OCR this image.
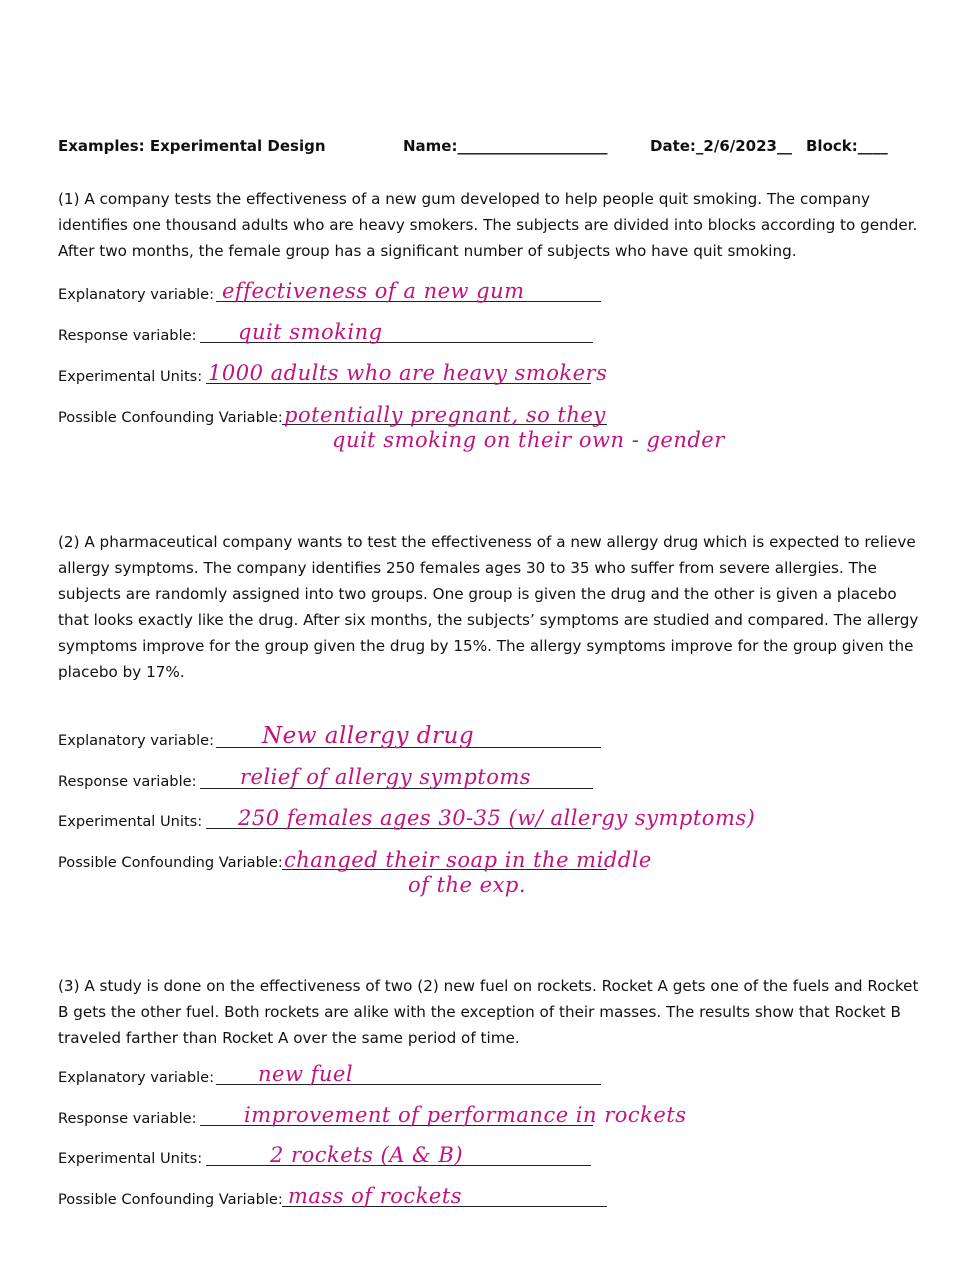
Examples: Experimental Design	Name:____________________	Date:_2/6/2023__ Block:____
(1) A company tests the effectiveness of a new gum developed to help people quit smoking. The company identifies one thousand adults who are heavy smokers. The subjects are divided into blocks according to gender. After two months, the female group has a significant number of subjects who have quit smoking.
Explanatory variable:
Response variable:
Experimental Units:
Possible Confounding Variable:
effectiveness of a new gum
quit smoking
1000 adults who are heavy smokers
potentially pregnant, so they
quit smoking on their own - gender
(2) A pharmaceutical company wants to test the effectiveness of a new allergy drug which is expected to relieve allergy symptoms. The company identifies 250 females ages 30 to 35 who suffer from severe allergies. The subjects are randomly assigned into two groups. One group is given the drug and the other is given a placebo that looks exactly like the drug. After six months, the subjects’ symptoms are studied and compared. The allergy symptoms improve for the group given the drug by 15%. The allergy symptoms improve for the group given the placebo by 17%.
Explanatory variable:
Response variable:
Experimental Units:
Possible Confounding Variable:
New allergy drug
relief of allergy symptoms
250 females ages 30-35 (w/ allergy symptoms)
changed their soap in the middle
of the exp.
(3) A study is done on the effectiveness of two (2) new fuel on rockets. Rocket A gets one of the fuels and Rocket B gets the other fuel. Both rockets are alike with the exception of their masses. The results show that Rocket B traveled farther than Rocket A over the same period of time.
Explanatory variable:
Response variable:
Experimental Units:
Possible Confounding Variable:
new fuel
improvement of performance in rockets
2 rockets (A & B)
mass of rockets
